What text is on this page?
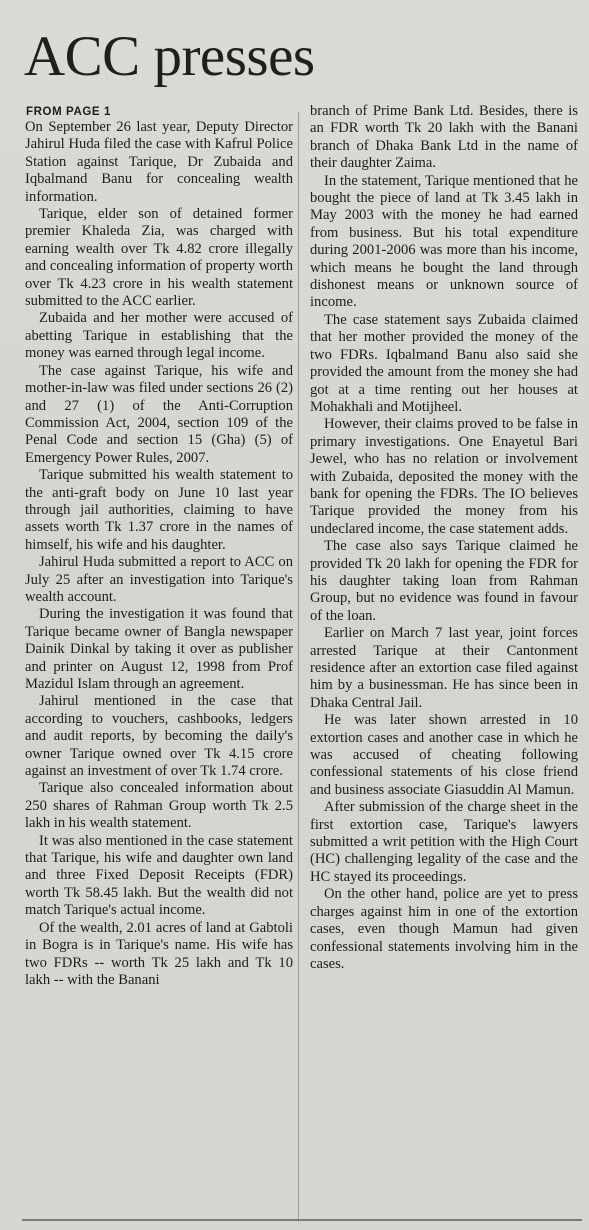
ACC presses
FROM PAGE 1

On September 26 last year, Deputy Director Jahirul Huda filed the case with Kafrul Police Station against Tarique, Dr Zubaida and Iqbalmand Banu for concealing wealth information.

Tarique, elder son of detained former premier Khaleda Zia, was charged with earning wealth over Tk 4.82 crore illegally and concealing information of property worth over Tk 4.23 crore in his wealth statement submitted to the ACC earlier.

Zubaida and her mother were accused of abetting Tarique in establishing that the money was earned through legal income.

The case against Tarique, his wife and mother-in-law was filed under sections 26 (2) and 27 (1) of the Anti-Corruption Commission Act, 2004, section 109 of the Penal Code and section 15 (Gha) (5) of Emergency Power Rules, 2007.

Tarique submitted his wealth statement to the anti-graft body on June 10 last year through jail authorities, claiming to have assets worth Tk 1.37 crore in the names of himself, his wife and his daughter.

Jahirul Huda submitted a report to ACC on July 25 after an investigation into Tarique's wealth account.

During the investigation it was found that Tarique became owner of Bangla newspaper Dainik Dinkal by taking it over as publisher and printer on August 12, 1998 from Prof Mazidul Islam through an agreement.

Jahirul mentioned in the case that according to vouchers, cashbooks, ledgers and audit reports, by becoming the daily's owner Tarique owned over Tk 4.15 crore against an investment of over Tk 1.74 crore.

Tarique also concealed information about 250 shares of Rahman Group worth Tk 2.5 lakh in his wealth statement.

It was also mentioned in the case statement that Tarique, his wife and daughter own land and three Fixed Deposit Receipts (FDR) worth Tk 58.45 lakh. But the wealth did not match Tarique's actual income.

Of the wealth, 2.01 acres of land at Gabtoli in Bogra is in Tarique's name. His wife has two FDRs -- worth Tk 25 lakh and Tk 10 lakh -- with the Banani

branch of Prime Bank Ltd. Besides, there is an FDR worth Tk 20 lakh with the Banani branch of Dhaka Bank Ltd in the name of their daughter Zaima.

In the statement, Tarique mentioned that he bought the piece of land at Tk 3.45 lakh in May 2003 with the money he had earned from business. But his total expenditure during 2001-2006 was more than his income, which means he bought the land through dishonest means or unknown source of income.

The case statement says Zubaida claimed that her mother provided the money of the two FDRs. Iqbalmand Banu also said she provided the amount from the money she had got at a time renting out her houses at Mohakhali and Motijheel.

However, their claims proved to be false in primary investigations. One Enayetul Bari Jewel, who has no relation or involvement with Zubaida, deposited the money with the bank for opening the FDRs. The IO believes Tarique provided the money from his undeclared income, the case statement adds.

The case also says Tarique claimed he provided Tk 20 lakh for opening the FDR for his daughter taking loan from Rahman Group, but no evidence was found in favour of the loan.

Earlier on March 7 last year, joint forces arrested Tarique at their Cantonment residence after an extortion case filed against him by a businessman. He has since been in Dhaka Central Jail.

He was later shown arrested in 10 extortion cases and another case in which he was accused of cheating following confessional statements of his close friend and business associate Giasuddin Al Mamun.

After submission of the charge sheet in the first extortion case, Tarique's lawyers submitted a writ petition with the High Court (HC) challenging legality of the case and the HC stayed its proceedings.

On the other hand, police are yet to press charges against him in one of the extortion cases, even though Mamun had given confessional statements involving him in the cases.
